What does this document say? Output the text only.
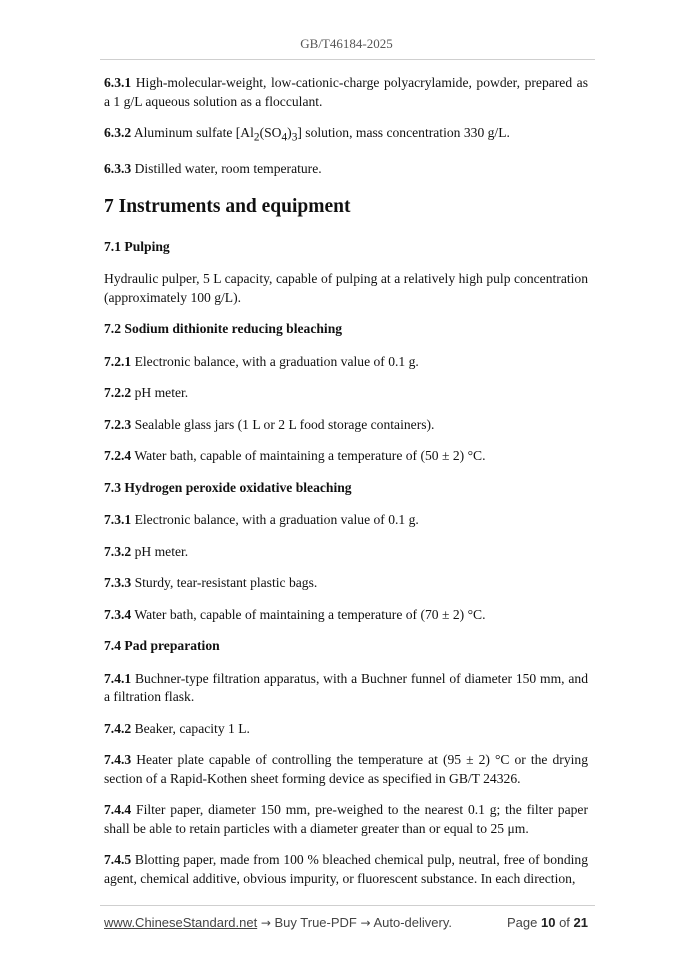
GB/T46184-2025

6.3.1 High-molecular-weight, low-cationic-charge polyacrylamide, powder, prepared as a 1 g/L aqueous solution as a flocculant.

6.3.2 Aluminum sulfate $[Al_2(SO_4)_3]$ solution, mass concentration 330 g/L.

6.3.3 Distilled water, room temperature.

7 Instruments and equipment
7.1 Pulping

Hydraulic pulper, 5 L capacity, capable of pulping at a relatively high pulp concentration (approximately 100 g/L).

7.2 Sodium dithionite reducing bleaching

7.2.1 Electronic balance, with a graduation value of 0.1 g.

7.2.2 pH meter.

7.2.3 Sealable glass jars (1 L or 2 L food storage containers).

7.2.4 Water bath, capable of maintaining a temperature of (50 ± 2) °C.

7.3 Hydrogen peroxide oxidative bleaching

7.3.1 Electronic balance, with a graduation value of 0.1 g.

7.3.2 pH meter.

7.3.3 Sturdy, tear-resistant plastic bags.

7.3.4 Water bath, capable of maintaining a temperature of (70 ± 2) °C.

7.4 Pad preparation

7.4.1 Buchner-type filtration apparatus, with a Buchner funnel of diameter 150 mm, and a filtration flask.

7.4.2 Beaker, capacity 1 L.

7.4.3 Heater plate capable of controlling the temperature at (95 ± 2) °C or the drying section of a Rapid-Kothen sheet forming device as specified in GB/T 24326.

7.4.4 Filter paper, diameter 150 mm, pre-weighed to the nearest 0.1 g; the filter paper shall be able to retain particles with a diameter greater than or equal to 25 μm.

7.4.5 Blotting paper, made from 100 % bleached chemical pulp, neutral, free of bonding agent, chemical additive, obvious impurity, or fluorescent substance. In each direction,

www.ChineseStandard.net → Buy True-PDF → Auto-delivery.	Page 10 of 21
